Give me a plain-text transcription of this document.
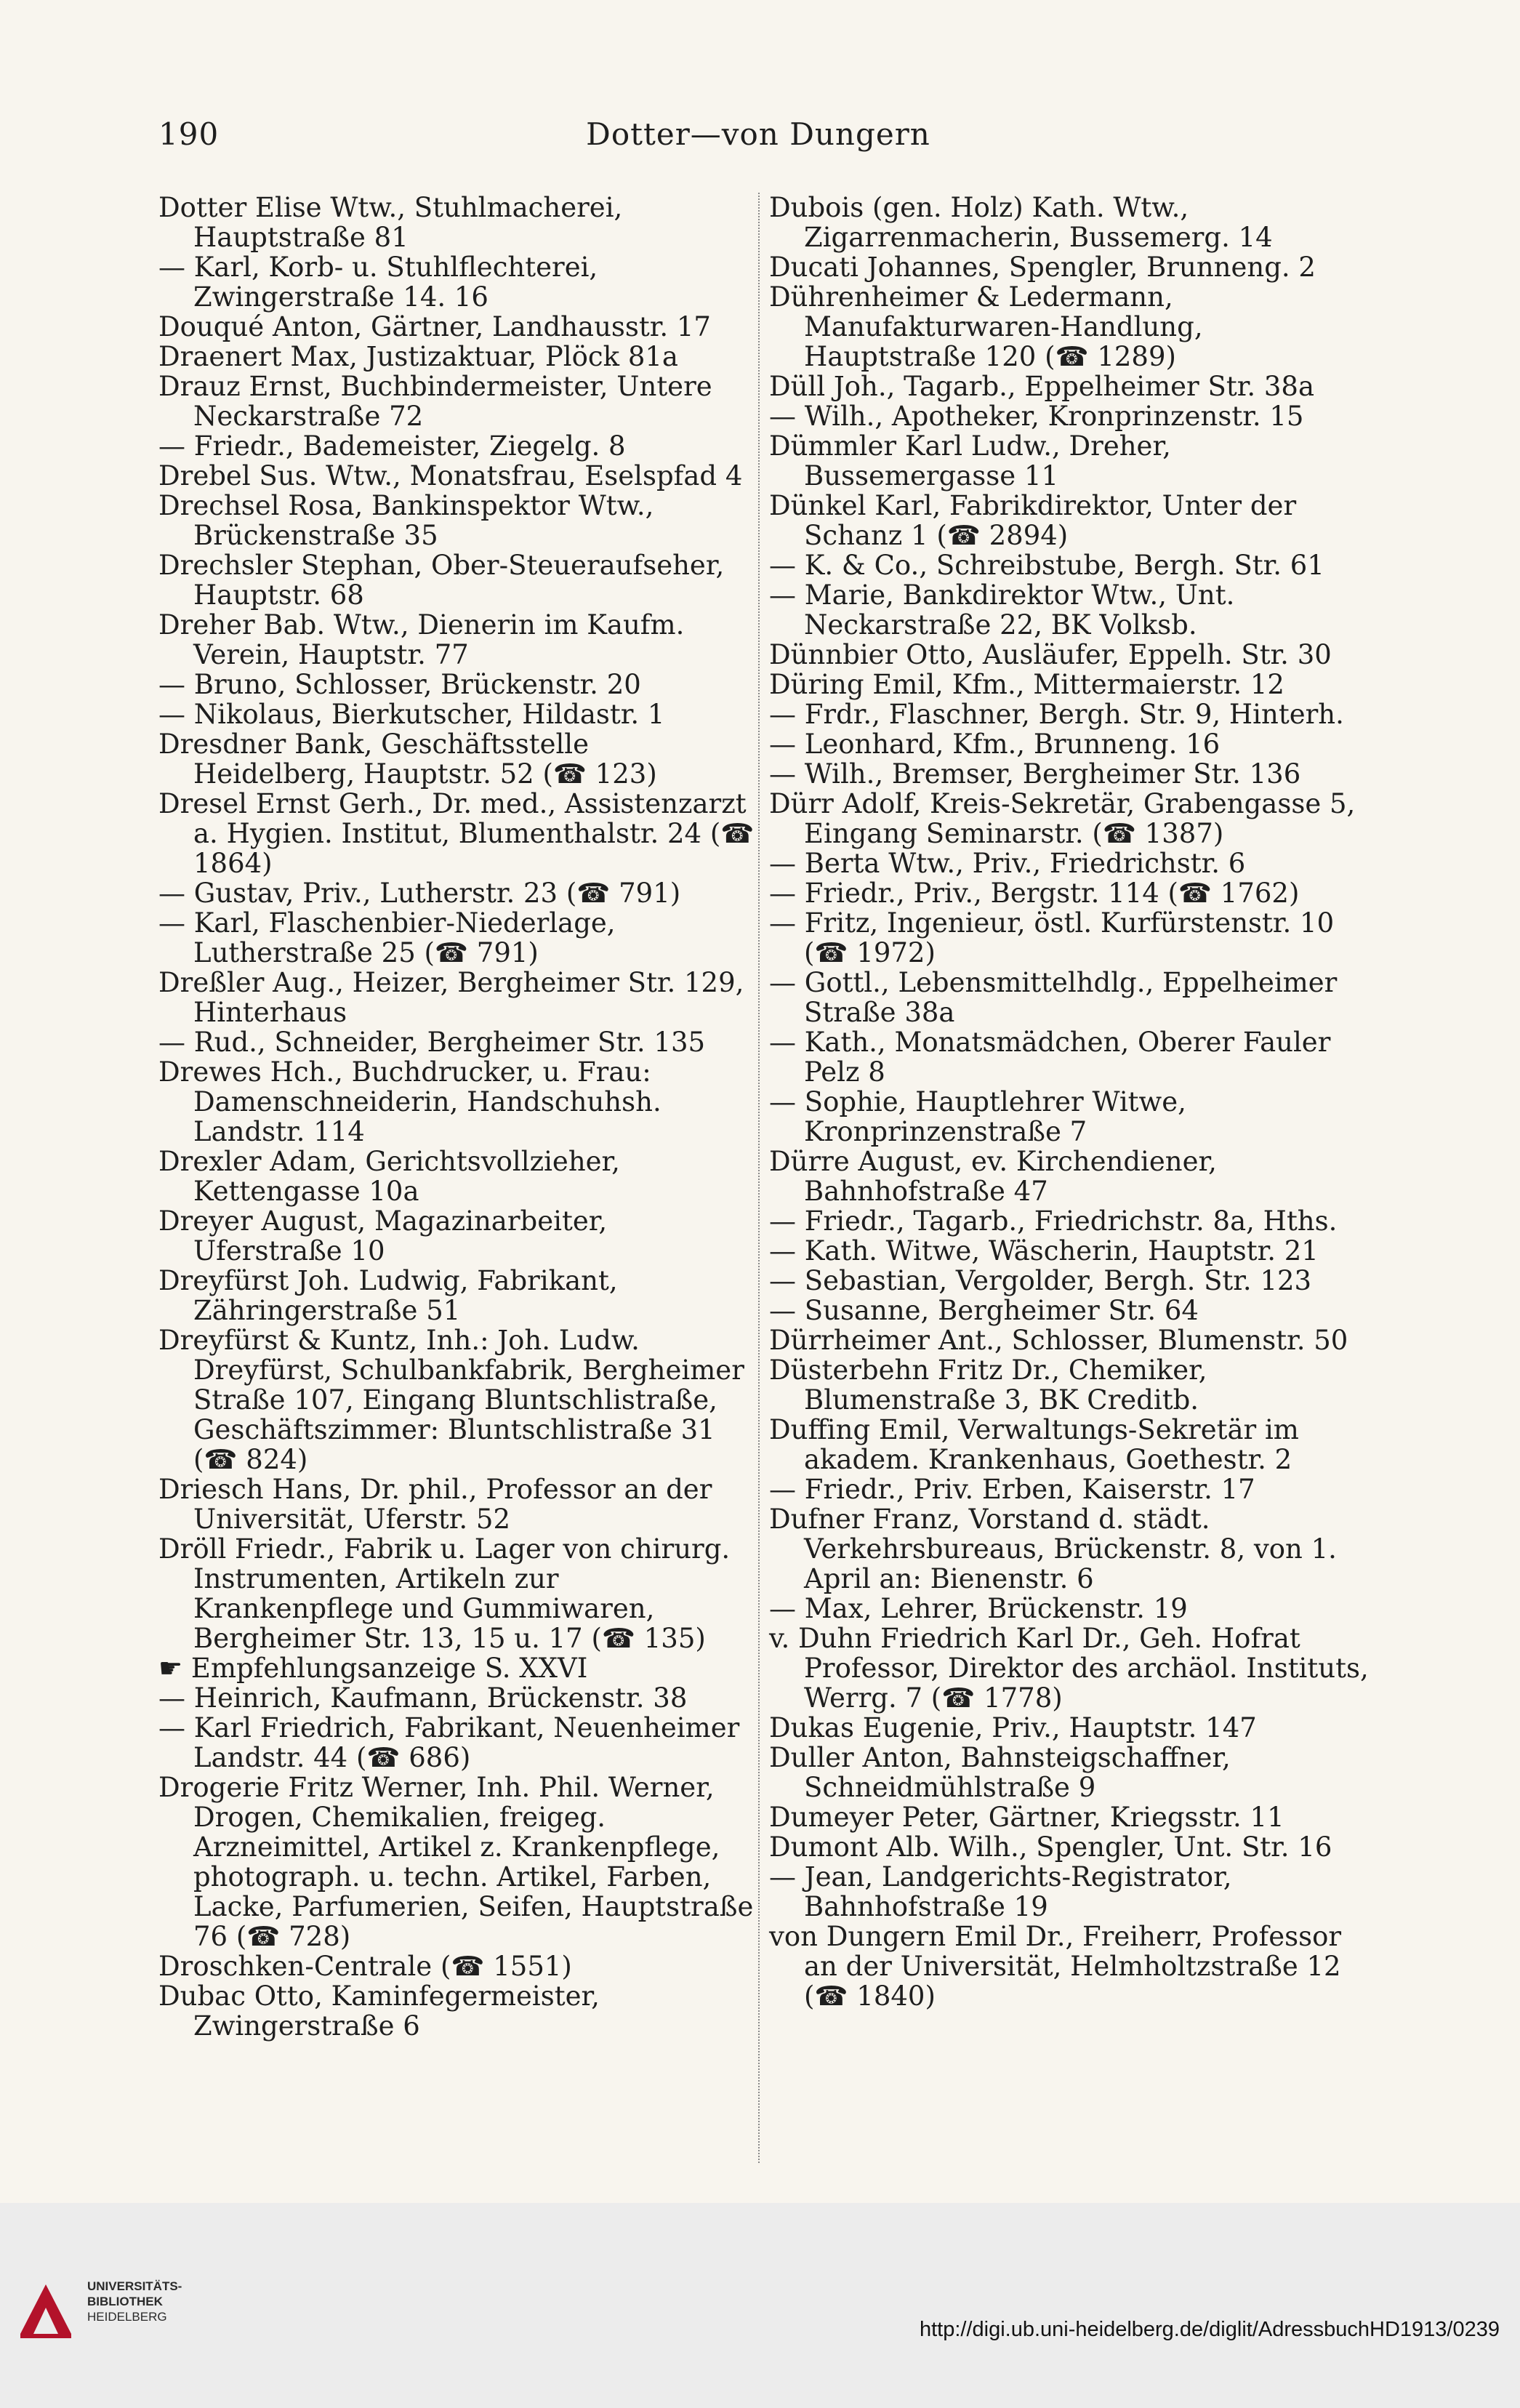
190	Dotter—von Dungern

Dotter Elise Wtw., Stuhlmacherei, Hauptstraße 81

— Karl, Korb- u. Stuhlflechterei, Zwingerstraße 14. 16

Douqué Anton, Gärtner, Landhausstr. 17

Draenert Max, Justizaktuar, Plöck 81a

Drauz Ernst, Buchbindermeister, Untere Neckarstraße 72

— Friedr., Bademeister, Ziegelg. 8

Drebel Sus. Wtw., Monatsfrau, Eselspfad 4

Drechsel Rosa, Bankinspektor Wtw., Brückenstraße 35

Drechsler Stephan, Ober-Steueraufseher, Hauptstr. 68

Dreher Bab. Wtw., Dienerin im Kaufm. Verein, Hauptstr. 77

— Bruno, Schlosser, Brückenstr. 20

— Nikolaus, Bierkutscher, Hildastr. 1

Dresdner Bank, Geschäftsstelle Heidelberg, Hauptstr. 52 (☎ 123)

Dresel Ernst Gerh., Dr. med., Assistenzarzt a. Hygien. Institut, Blumenthalstr. 24 (☎ 1864)

— Gustav, Priv., Lutherstr. 23 (☎ 791)

— Karl, Flaschenbier-Niederlage, Lutherstraße 25 (☎ 791)

Dreßler Aug., Heizer, Bergheimer Str. 129, Hinterhaus

— Rud., Schneider, Bergheimer Str. 135

Drewes Hch., Buchdrucker, u. Frau: Damenschneiderin, Handschuhsh. Landstr. 114

Drexler Adam, Gerichtsvollzieher, Kettengasse 10a

Dreyer August, Magazinarbeiter, Uferstraße 10

Dreyfürst Joh. Ludwig, Fabrikant, Zähringerstraße 51

Dreyfürst & Kuntz, Inh.: Joh. Ludw. Dreyfürst, Schulbankfabrik, Bergheimer Straße 107, Eingang Bluntschlistraße, Geschäftszimmer: Bluntschlistraße 31 (☎ 824)

Driesch Hans, Dr. phil., Professor an der Universität, Uferstr. 52

Dröll Friedr., Fabrik u. Lager von chirurg. Instrumenten, Artikeln zur Krankenpflege und Gummiwaren, Bergheimer Str. 13, 15 u. 17 (☎ 135)

☛ Empfehlungsanzeige S. XXVI

— Heinrich, Kaufmann, Brückenstr. 38

— Karl Friedrich, Fabrikant, Neuenheimer Landstr. 44 (☎ 686)

Drogerie Fritz Werner, Inh. Phil. Werner, Drogen, Chemikalien, freigeg. Arzneimittel, Artikel z. Krankenpflege, photograph. u. techn. Artikel, Farben, Lacke, Parfumerien, Seifen, Hauptstraße 76 (☎ 728)

Droschken-Centrale (☎ 1551)

Dubac Otto, Kaminfegermeister, Zwingerstraße 6

Dubois (gen. Holz) Kath. Wtw., Zigarrenmacherin, Bussemerg. 14

Ducati Johannes, Spengler, Brunneng. 2

Dührenheimer & Ledermann, Manufakturwaren-Handlung, Hauptstraße 120 (☎ 1289)

Düll Joh., Tagarb., Eppelheimer Str. 38a

— Wilh., Apotheker, Kronprinzenstr. 15

Dümmler Karl Ludw., Dreher, Bussemergasse 11

Dünkel Karl, Fabrikdirektor, Unter der Schanz 1 (☎ 2894)

— K. & Co., Schreibstube, Bergh. Str. 61

— Marie, Bankdirektor Wtw., Unt. Neckarstraße 22, BK Volksb.

Dünnbier Otto, Ausläufer, Eppelh. Str. 30

Düring Emil, Kfm., Mittermaierstr. 12

— Frdr., Flaschner, Bergh. Str. 9, Hinterh.

— Leonhard, Kfm., Brunneng. 16

— Wilh., Bremser, Bergheimer Str. 136

Dürr Adolf, Kreis-Sekretär, Grabengasse 5, Eingang Seminarstr. (☎ 1387)

— Berta Wtw., Priv., Friedrichstr. 6

— Friedr., Priv., Bergstr. 114 (☎ 1762)

— Fritz, Ingenieur, östl. Kurfürstenstr. 10 (☎ 1972)

— Gottl., Lebensmittelhdlg., Eppelheimer Straße 38a

— Kath., Monatsmädchen, Oberer Fauler Pelz 8

— Sophie, Hauptlehrer Witwe, Kronprinzenstraße 7

Dürre August, ev. Kirchendiener, Bahnhofstraße 47

— Friedr., Tagarb., Friedrichstr. 8a, Hths.

— Kath. Witwe, Wäscherin, Hauptstr. 21

— Sebastian, Vergolder, Bergh. Str. 123

— Susanne, Bergheimer Str. 64

Dürrheimer Ant., Schlosser, Blumenstr. 50

Düsterbehn Fritz Dr., Chemiker, Blumenstraße 3, BK Creditb.

Duffing Emil, Verwaltungs-Sekretär im akadem. Krankenhaus, Goethestr. 2

— Friedr., Priv. Erben, Kaiserstr. 17

Dufner Franz, Vorstand d. städt. Verkehrsbureaus, Brückenstr. 8, von 1. April an: Bienenstr. 6

— Max, Lehrer, Brückenstr. 19

v. Duhn Friedrich Karl Dr., Geh. Hofrat Professor, Direktor des archäol. Instituts, Werrg. 7 (☎ 1778)

Dukas Eugenie, Priv., Hauptstr. 147

Duller Anton, Bahnsteigschaffner, Schneidmühlstraße 9

Dumeyer Peter, Gärtner, Kriegsstr. 11

Dumont Alb. Wilh., Spengler, Unt. Str. 16

— Jean, Landgerichts-Registrator, Bahnhofstraße 19

von Dungern Emil Dr., Freiherr, Professor an der Universität, Helmholtzstraße 12 (☎ 1840)

UNIVERSITÄTS-
BIBLIOTHEK
HEIDELBERG
http://digi.ub.uni-heidelberg.de/diglit/AdressbuchHD1913/0239
